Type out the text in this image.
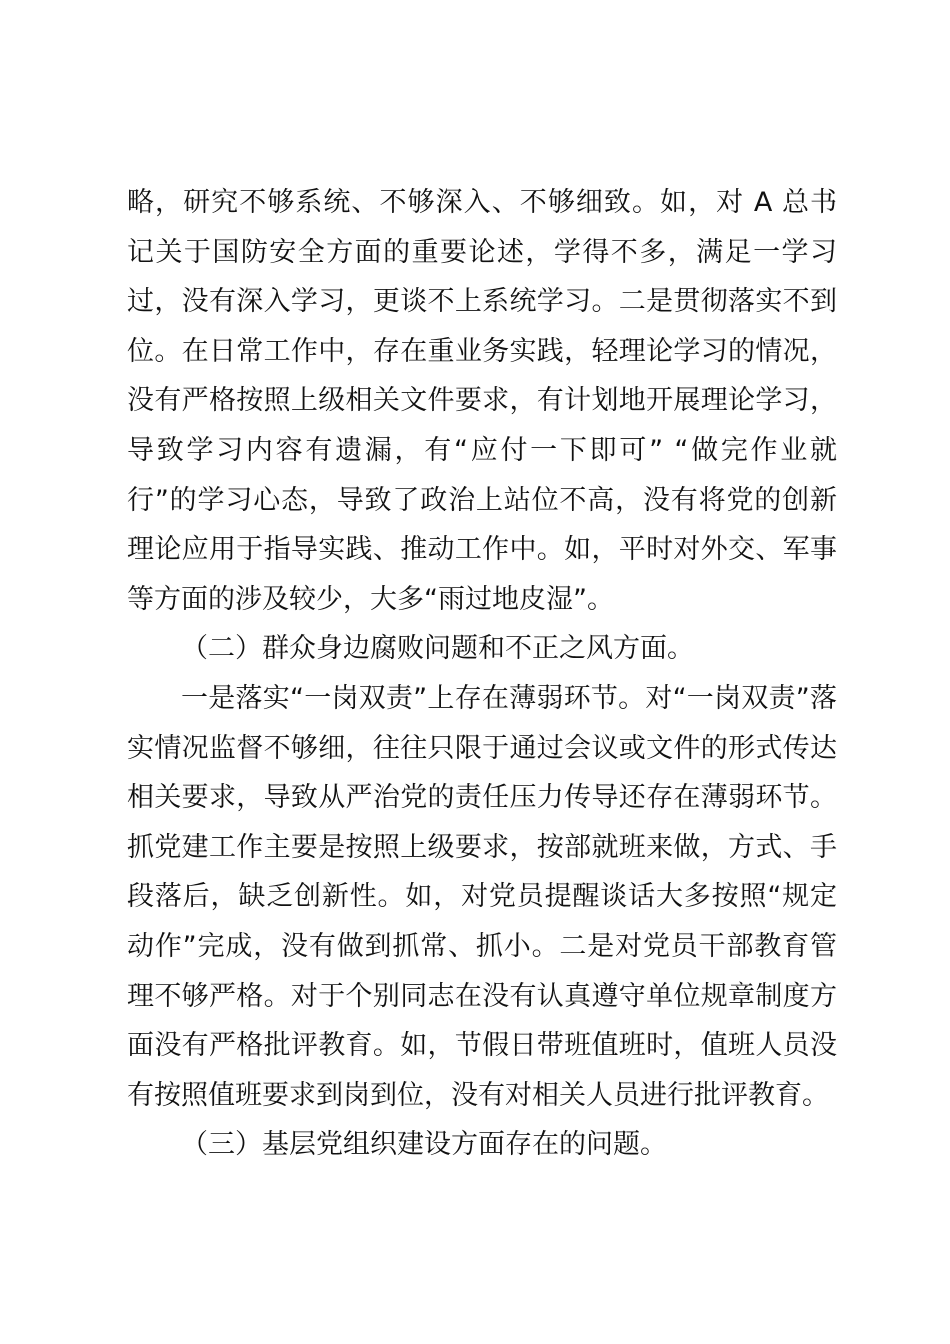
略，研究不够系统、不够深入、不够细致。如，对 A 总书记关于国防安全方面的重要论述，学得不多，满足一学习过，没有深入学习，更谈不上系统学习。二是贯彻落实不到位。在日常工作中，存在重业务实践，轻理论学习的情况，没有严格按照上级相关文件要求，有计划地开展理论学习，导致学习内容有遗漏，有“应付一下即可” “做完作业就行”的学习心态，导致了政治上站位不高，没有将党的创新理论应用于指导实践、推动工作中。如，平时对外交、军事等方面的涉及较少，大多“雨过地皮湿”。

（二）群众身边腐败问题和不正之风方面。

一是落实“一岗双责”上存在薄弱环节。对“一岗双责”落实情况监督不够细，往往只限于通过会议或文件的形式传达相关要求，导致从严治党的责任压力传导还存在薄弱环节。抓党建工作主要是按照上级要求，按部就班来做，方式、手段落后，缺乏创新性。如，对党员提醒谈话大多按照“规定动作”完成，没有做到抓常、抓小。二是对党员干部教育管理不够严格。对于个别同志在没有认真遵守单位规章制度方面没有严格批评教育。如，节假日带班值班时，值班人员没有按照值班要求到岗到位，没有对相关人员进行批评教育。

（三）基层党组织建设方面存在的问题。
